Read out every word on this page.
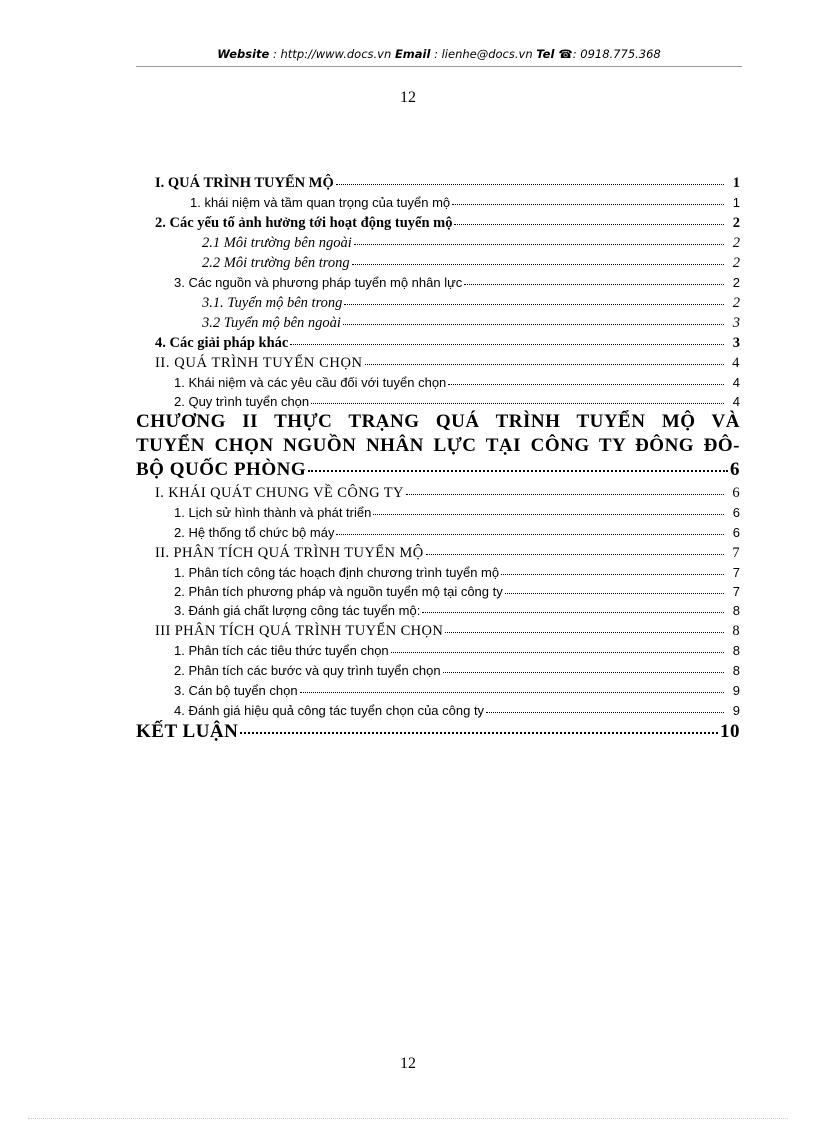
Website : http://www.docs.vn Email : lienhe@docs.vn Tel ☎: 0918.775.368
12
I. QUÁ TRÌNH TUYỂN MỘ	1
1. khái niệm và tầm quan trọng của tuyển mộ	1
2. Các yếu tố ảnh hưởng tới hoạt động tuyển mộ	2
2.1 Môi trường bên ngoài	2
2.2 Môi trường bên trong	2
3. Các nguồn và phương pháp tuyển mộ nhân lực	2
3.1. Tuyển mộ bên trong	2
3.2 Tuyển mộ bên ngoài	3
4. Các giải pháp khác	3
II. QUÁ TRÌNH TUYỂN CHỌN	4
1. Khái niệm và các yêu cầu đối với tuyển chọn	4
2. Quy trình tuyển chọn	4
CHƯƠNG II THỰC TRẠNG QUÁ TRÌNH TUYỂN MỘ VÀ
TUYỂN CHỌN NGUỒN NHÂN LỰC TẠI CÔNG TY ĐÔNG ĐÔ-
BỘ QUỐC PHÒNG	6
I. KHÁI QUÁT CHUNG VỀ CÔNG TY	6
1. Lịch sử hình thành và phát triển	6
2. Hệ thống tổ chức bộ máy	6
II. PHÂN TÍCH QUÁ TRÌNH TUYỂN MỘ	7
1. Phân tích công tác hoạch định chương trình tuyển mộ	7
2. Phân tích phương pháp và nguồn tuyển mộ tại công ty	7
3. Đánh giá chất lượng công tác tuyển mộ:	8
III PHÂN TÍCH QUÁ TRÌNH TUYỂN CHỌN	8
1. Phân tích các tiêu thức tuyển chọn	8
2. Phân tích các bước và quy trình tuyển chọn	8
3. Cán bộ tuyển chọn	9
4. Đánh giá hiệu quả công tác tuyển chọn của công ty	9
KẾT LUẬN	10
12
